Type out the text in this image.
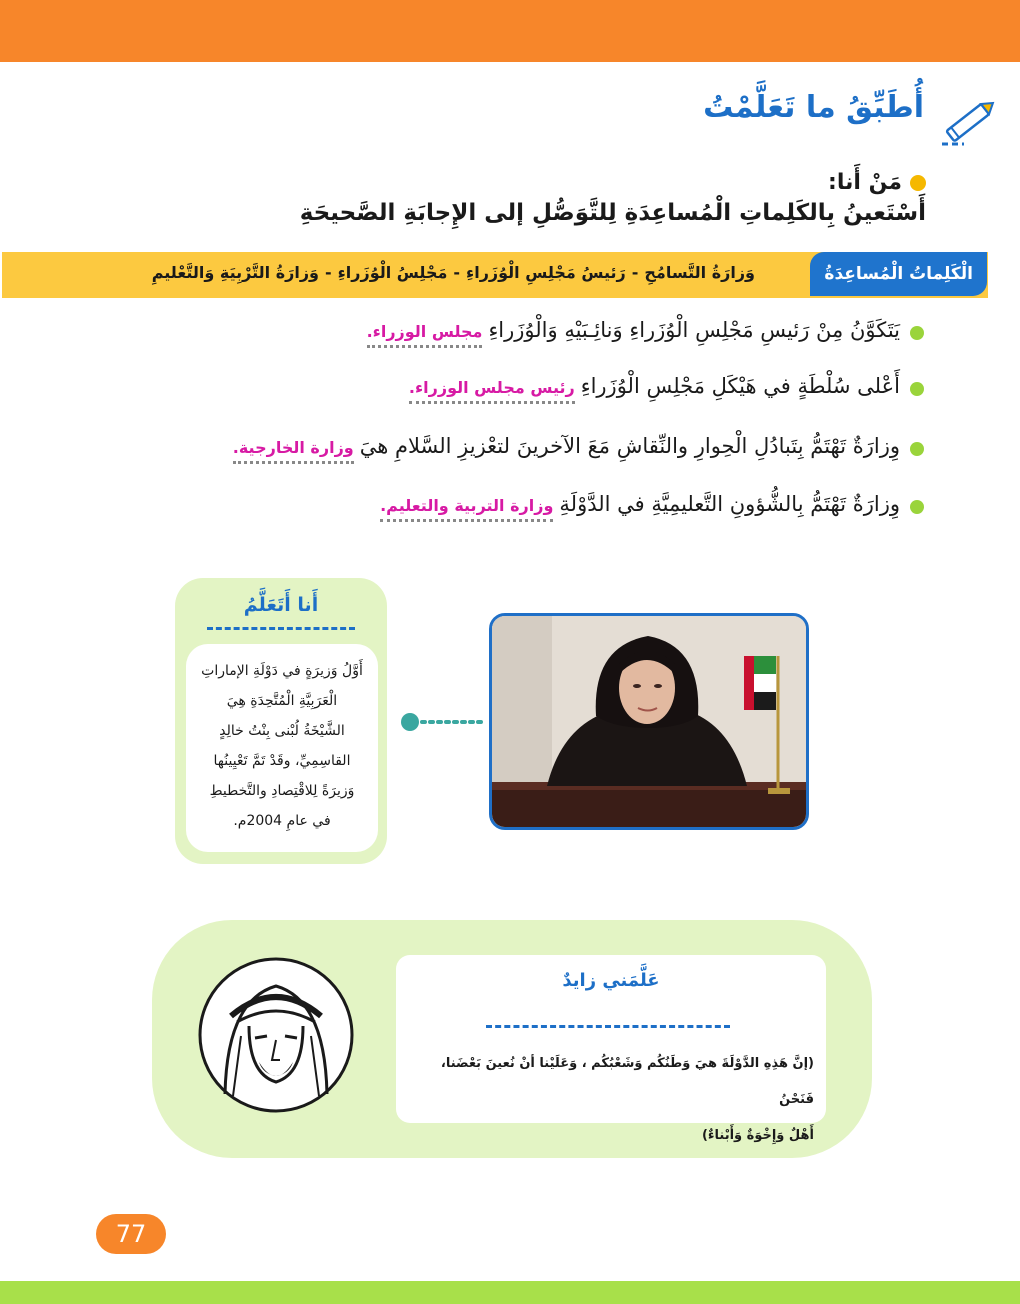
أُطَبِّقُ ما تَعَلَّمْتُ
مَنْ أَنا:
أَسْتَعينُ بِالكَلِماتِ الْمُساعِدَةِ لِلتَّوَصُّلِ إلى الإِجابَةِ الصَّحيحَةِ
الْكَلِماتُ الْمُساعِدَةُ
وَزارَةُ التَّسامُحِ-رَئيسُ مَجْلِسِ الْوُزَراءِ-مَجْلِسُ الْوُزَراءِ-وَزارَةُ التَّرْبِيَةِ وَالتَّعْليمِ
يَتَكَوَّنُ مِنْ رَئيسِ مَجْلِسِ الْوُزَراءِ وَنائِـبَيْهِ وَالْوُزَراءِ
مجلس الوزراء.
أَعْلى سُلْطَةٍ في هَيْكَلِ مَجْلِسِ الْوُزَراءِ
رئيس مجلس الوزراء.
وِزارَةٌ تَهْتَمُّ بِتَبادُلِ الْحِوارِ والنِّقاشِ مَعَ الآخرينَ لتعْزيزِ السَّلامِ هيَ
وزارة الخارجية.
وِزارَةٌ تَهْتَمُّ بِالشُّؤونِ التَّعليمِيَّةِ في الدَّوْلَةِ
وزارة التربية والتعليم.
أَنا أَتَعَلَّمُ
أَوَّلُ وَزيرَةٍ في دَوْلَةِ الإماراتِ
الْعَرَبِيَّةِ الْمُتَّحِدَةِ هِيَ
الشَّيْخَةُ لُبْنى بِنْتُ خالِدٍ
القاسِمِيِّ، وقَدْ تَمَّ تَعْيِينُها
وَزيرَةً لِلاقْتِصادِ والتَّخطيطِ
في عامِ 2004م.
عَلَّمَني زايدٌ
(إنَّ هَذِهِ الدَّوْلَةَ هيَ وَطَنُكُم وَشَعْبُكُم ، وَعَلَيْنا أنْ نُعينَ بَعْضَنا، فَنَحْنُ
أَهْلٌ وَإِخْوَةٌ وَأَبْناءٌ)
77
